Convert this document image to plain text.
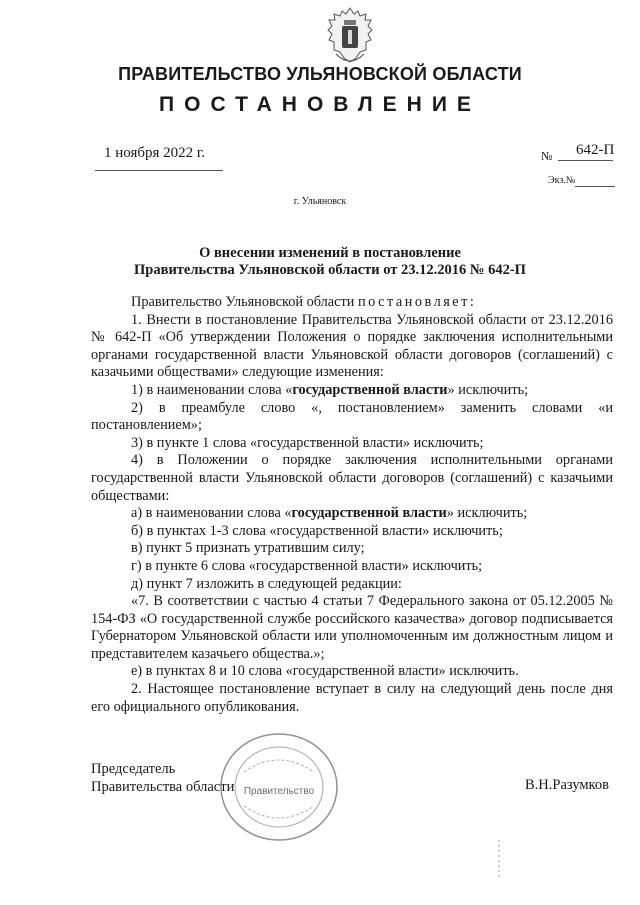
ПРАВИТЕЛЬСТВО УЛЬЯНОВСКОЙ ОБЛАСТИ
ПОСТАНОВЛЕНИЕ
1 ноября 2022 г.	№ 642-П
Экз.№
г. Ульяновск
О внесении изменений в постановление
Правительства Ульяновской области от 23.12.2016 № 642-П

Правительство Ульяновской области постановляет:

1. Внести в постановление Правительства Ульяновской области от 23.12.2016 № 642-П «Об утверждении Положения о порядке заключения исполнительными органами государственной власти Ульяновской области договоров (соглашений) с казачьими обществами» следующие изменения:

1) в наименовании слова «государственной власти» исключить;

2) в преамбуле слово «, постановлением» заменить словами «и постановлением»;

3) в пункте 1 слова «государственной власти» исключить;

4) в Положении о порядке заключения исполнительными органами государственной власти Ульяновской области договоров (соглашений) с казачьими обществами:

а) в наименовании слова «государственной власти» исключить;

б) в пунктах 1-3 слова «государственной власти» исключить;

в) пункт 5 признать утратившим силу;

г) в пункте 6 слова «государственной власти» исключить;

д) пункт 7 изложить в следующей редакции:

«7. В соответствии с частью 4 статьи 7 Федерального закона от 05.12.2005 № 154-ФЗ «О государственной службе российского казачества» договор подписывается Губернатором Ульяновской области или уполномоченным им должностным лицом и представителем казачьего общества.»;

е) в пунктах 8 и 10 слова «государственной власти» исключить.

2. Настоящее постановление вступает в силу на следующий день после дня его официального опубликования.

Председатель
Правительства области	В.Н.Разумков
Правительство
